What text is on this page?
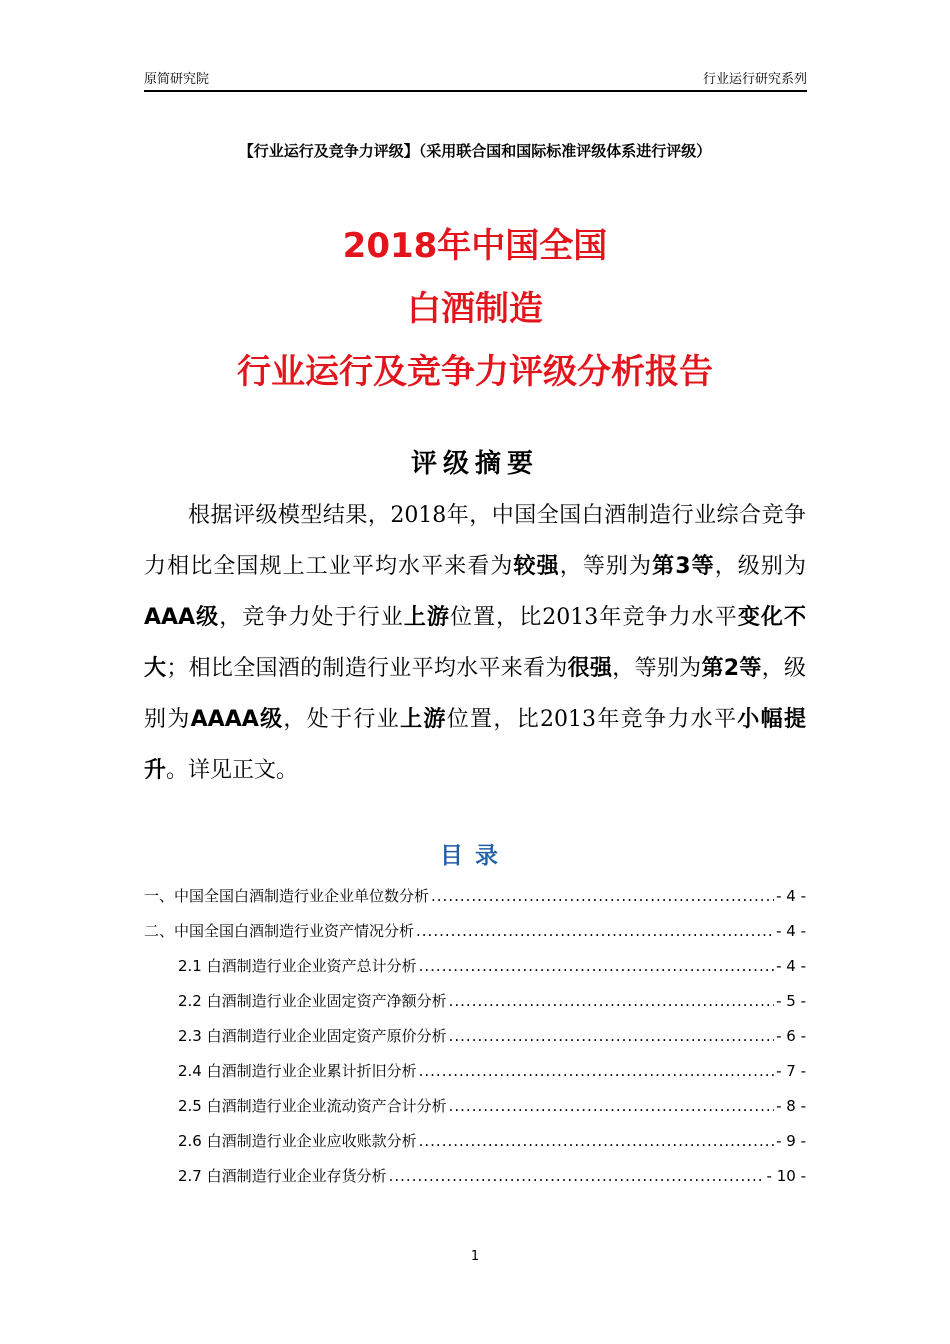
原简研究院	行业运行研究系列
【行业运行及竞争力评级】（采用联合国和国际标准评级体系进行评级）
2018年中国全国
白酒制造
行业运行及竞争力评级分析报告
评级摘要

根据评级模型结果，2018年，中国全国白酒制造行业综合竞争力相比全国规上工业平均水平来看为较强，等别为第3等，级别为AAA级，竞争力处于行业上游位置，比2013年竞争力水平变化不大；相比全国酒的制造行业平均水平来看为很强，等别为第2等，级别为AAAA级，处于行业上游位置，比2013年竞争力水平小幅提升。详见正文。

目录
一、中国全国白酒制造行业企业单位数分析 .....	- 4 -
二、中国全国白酒制造行业资产情况分析 .....	- 4 -
2.1 白酒制造行业企业资产总计分析 .....	- 4 -
2.2 白酒制造行业企业固定资产净额分析 .....	- 5 -
2.3 白酒制造行业企业固定资产原价分析 .....	- 6 -
2.4 白酒制造行业企业累计折旧分析 .....	- 7 -
2.5 白酒制造行业企业流动资产合计分析 .....	- 8 -
2.6 白酒制造行业企业应收账款分析 .....	- 9 -
2.7 白酒制造行业企业存货分析 .....	- 10 -
1
